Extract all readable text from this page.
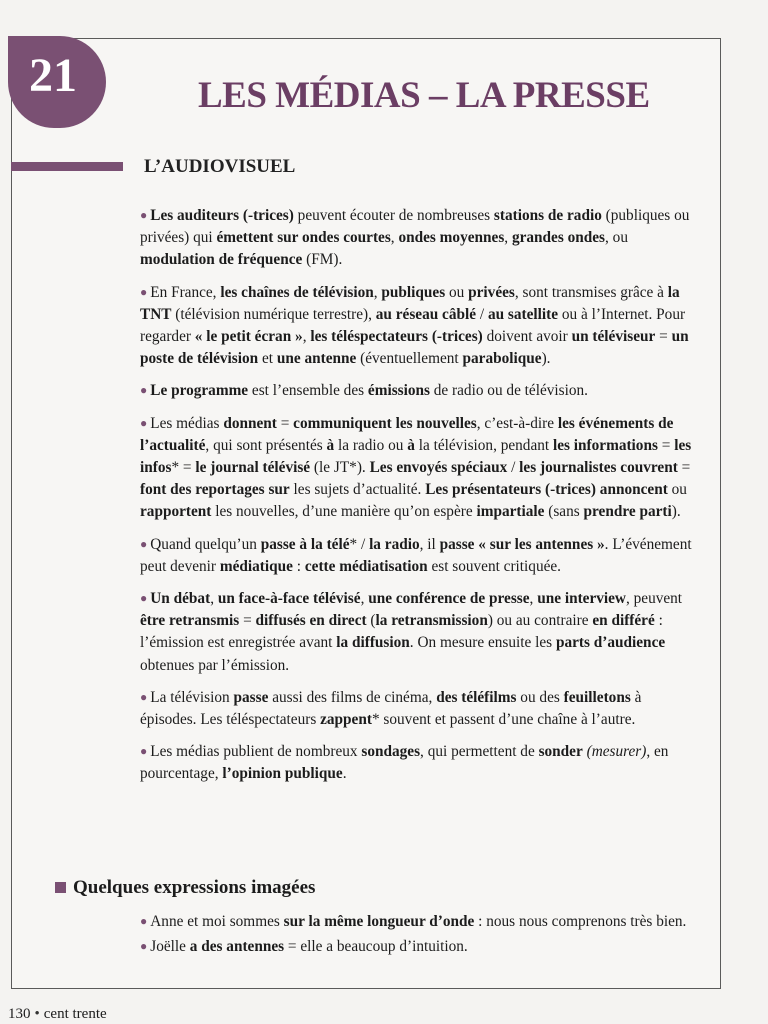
21	LES MÉDIAS – LA PRESSE
L’AUDIOVISUEL

● Les auditeurs (-trices) peuvent écouter de nombreuses stations de radio (publiques ou privées) qui émettent sur ondes courtes, ondes moyennes, grandes ondes, ou modulation de fréquence (FM).

● En France, les chaînes de télévision, publiques ou privées, sont transmises grâce à la TNT (télévision numérique terrestre), au réseau câblé / au satellite ou à l’Internet. Pour regarder « le petit écran », les téléspectateurs (-trices) doivent avoir un téléviseur = un poste de télévision et une antenne (éventuellement parabolique).

● Le programme est l’ensemble des émissions de radio ou de télévision.

● Les médias donnent = communiquent les nouvelles, c’est-à-dire les événements de l’actualité, qui sont présentés à la radio ou à la télévision, pendant les informations = les infos* = le journal télévisé (le JT*). Les envoyés spéciaux / les journalistes couvrent = font des reportages sur les sujets d’actualité. Les présentateurs (-trices) annoncent ou rapportent les nouvelles, d’une manière qu’on espère impartiale (sans prendre parti).

● Quand quelqu’un passe à la télé* / la radio, il passe « sur les antennes ». L’événement peut devenir médiatique : cette médiatisation est souvent critiquée.

● Un débat, un face-à-face télévisé, une conférence de presse, une interview, peuvent être retransmis = diffusés en direct (la retransmission) ou au contraire en différé : l’émission est enregistrée avant la diffusion. On mesure ensuite les parts d’audience obtenues par l’émission.

● La télévision passe aussi des films de cinéma, des téléfilms ou des feuilletons à épisodes. Les téléspectateurs zappent* souvent et passent d’une chaîne à l’autre.

● Les médias publient de nombreux sondages, qui permettent de sonder (mesurer), en pourcentage, l’opinion publique.

Quelques expressions imagées

● Anne et moi sommes sur la même longueur d’onde : nous nous comprenons très bien.

● Joëlle a des antennes = elle a beaucoup d’intuition.

130 • cent trente
